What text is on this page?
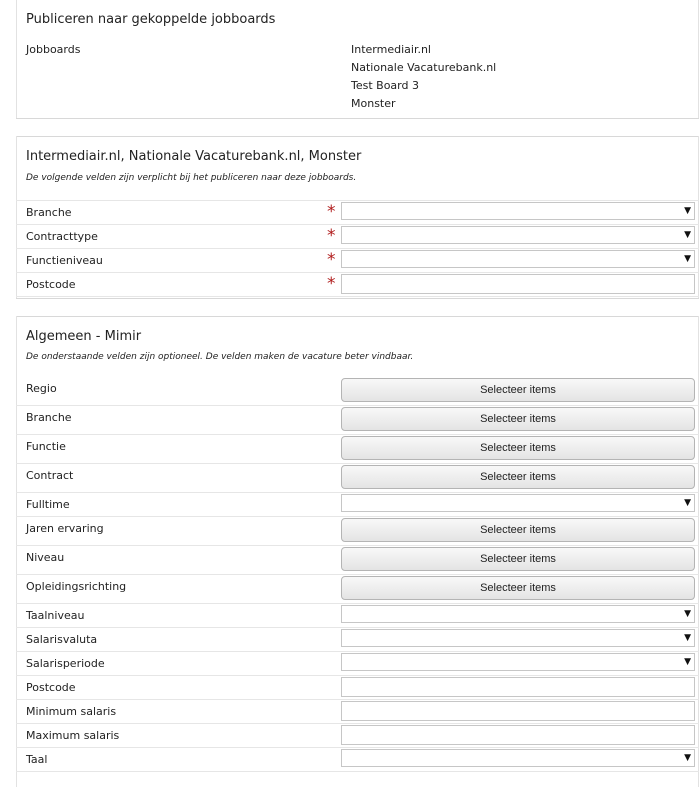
Publiceren naar gekoppelde jobboards
Jobboards	Intermediair.nl
Nationale Vacaturebank.nl
Test Board 3
Monster
Intermediair.nl, Nationale Vacaturebank.nl, Monster
De volgende velden zijn verplicht bij het publiceren naar deze jobboards.
Branche	*	▼
Contracttype	*	▼
Functieniveau	*	▼
Postcode	*
Algemeen - Mimir
De onderstaande velden zijn optioneel. De velden maken de vacature beter vindbaar.
Regio	Selecteer items
Branche	Selecteer items
Functie	Selecteer items
Contract	Selecteer items
Fulltime	▼
Jaren ervaring	Selecteer items
Niveau	Selecteer items
Opleidingsrichting	Selecteer items
Taalniveau	▼
Salarisvaluta	▼
Salarisperiode	▼
Postcode
Minimum salaris
Maximum salaris
Taal	▼
